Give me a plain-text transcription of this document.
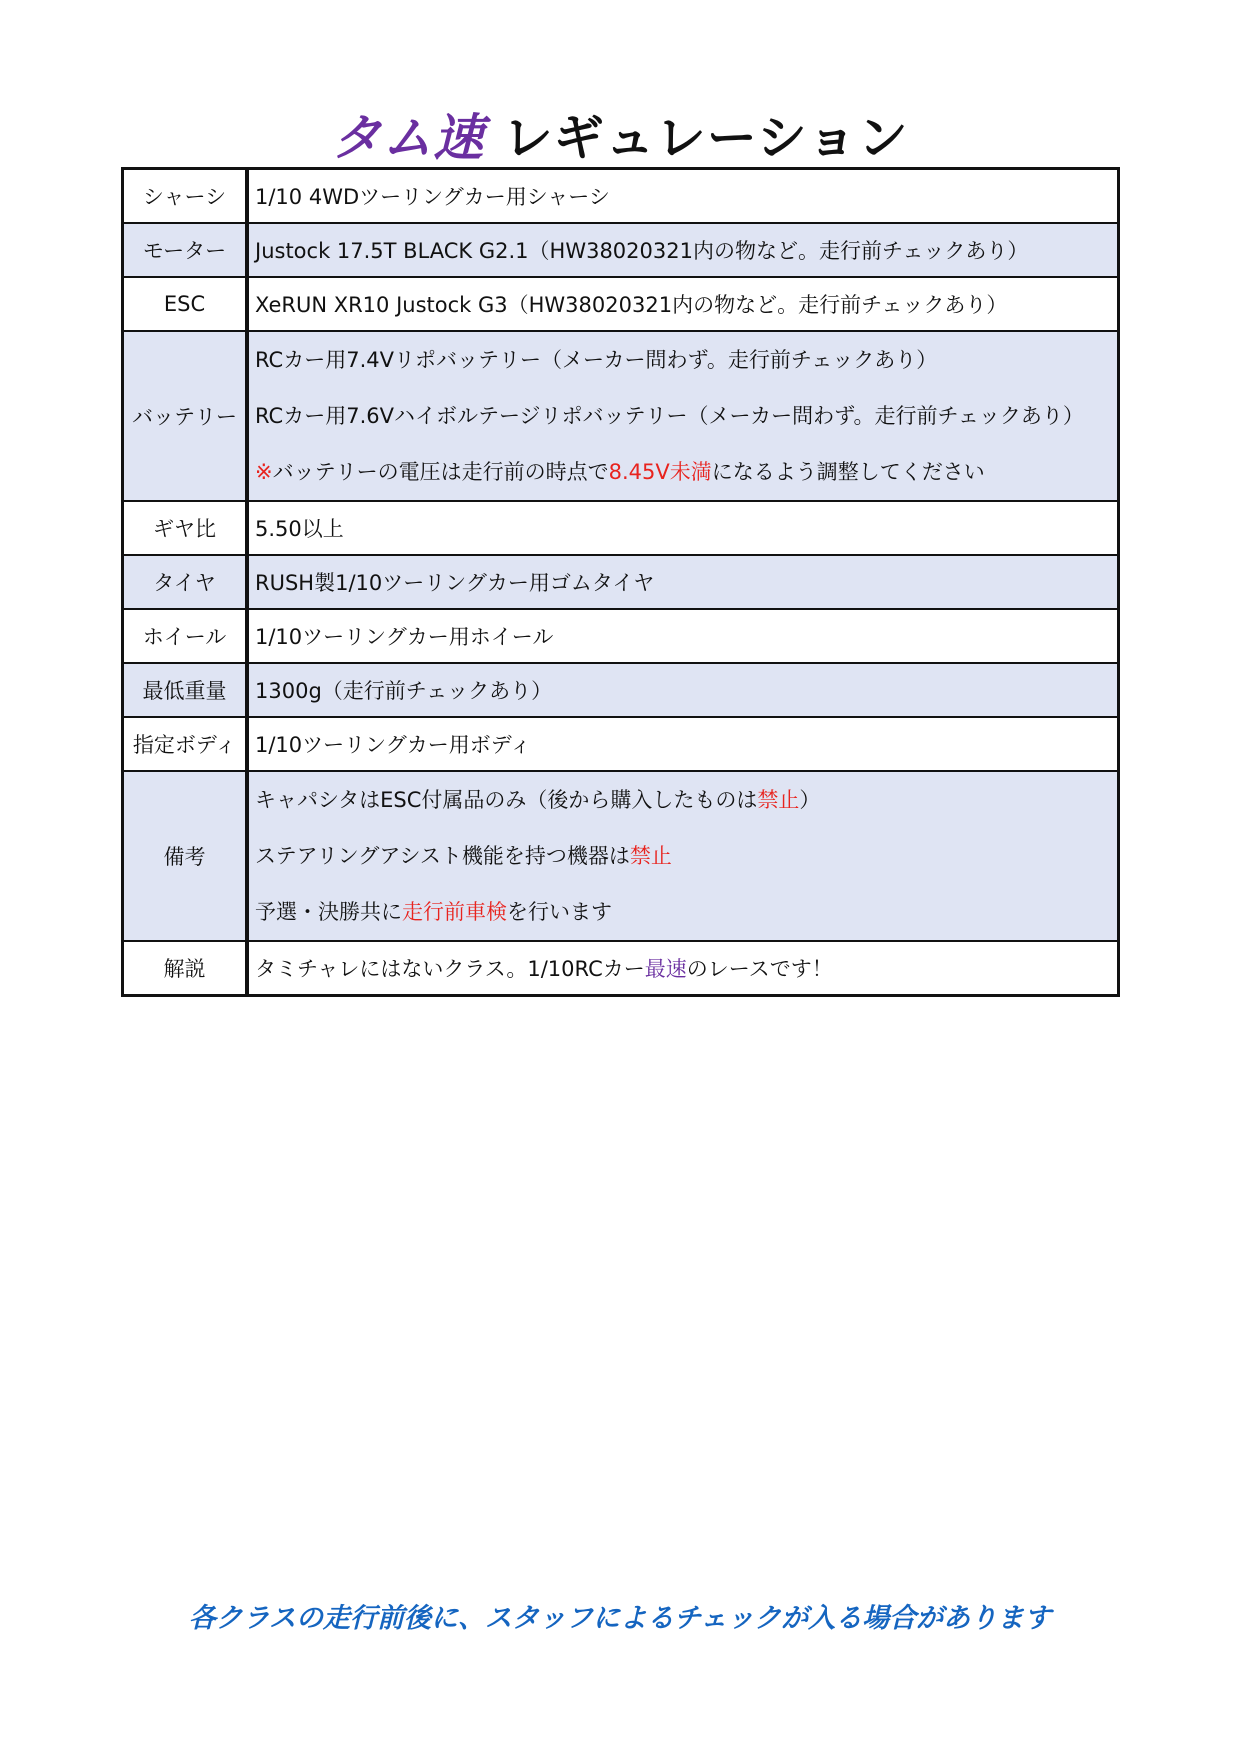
タム速 レギュレーション
シャーシ	1/10 4WDツーリングカー用シャーシ
モーター	Justock 17.5T BLACK G2.1（HW38020321内の物など。走行前チェックあり）
ESC	XeRUN XR10 Justock G3（HW38020321内の物など。走行前チェックあり）
バッテリー	RCカー用7.4Vリポバッテリー（メーカー問わず。走行前チェックあり）
RCカー用7.6Vハイボルテージリポバッテリー（メーカー問わず。走行前チェックあり）
※バッテリーの電圧は走行前の時点で8.45V未満になるよう調整してください

ギヤ比	5.50以上
タイヤ	RUSH製1/10ツーリングカー用ゴムタイヤ
ホイール	1/10ツーリングカー用ホイール
最低重量	1300g（走行前チェックあり）
指定ボディ	1/10ツーリングカー用ボディ
備考	キャパシタはESC付属品のみ（後から購入したものは禁止）
ステアリングアシスト機能を持つ機器は禁止
予選・決勝共に走行前車検を行います

解説	タミチャレにはないクラス。1/10RCカー最速のレースです！
各クラスの走行前後に、スタッフによるチェックが入る場合があります
